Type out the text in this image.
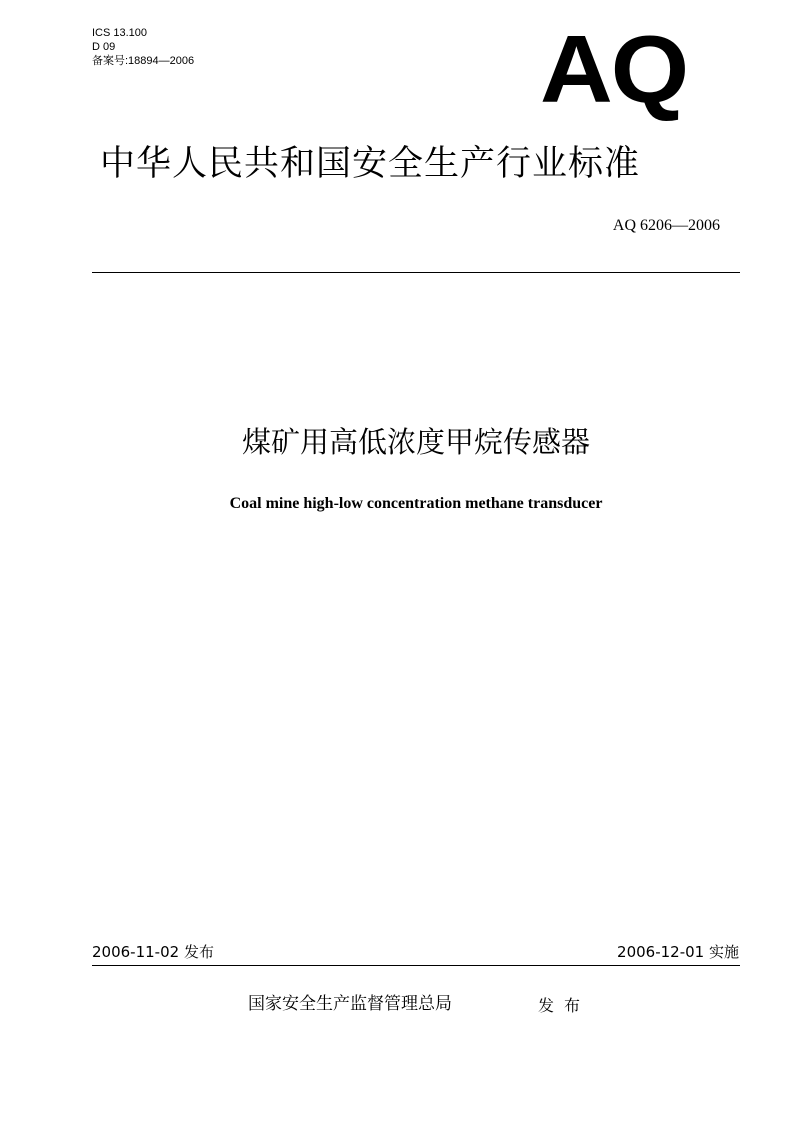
ICS 13.100
D 09
备案号:18894—2006	AQ
中华人民共和国安全生产行业标准
AQ 6206—2006
煤矿用高低浓度甲烷传感器
Coal mine high-low concentration methane transducer
2006-11-02 发布	2006-12-01 实施
国家安全生产监督管理总局	发布
